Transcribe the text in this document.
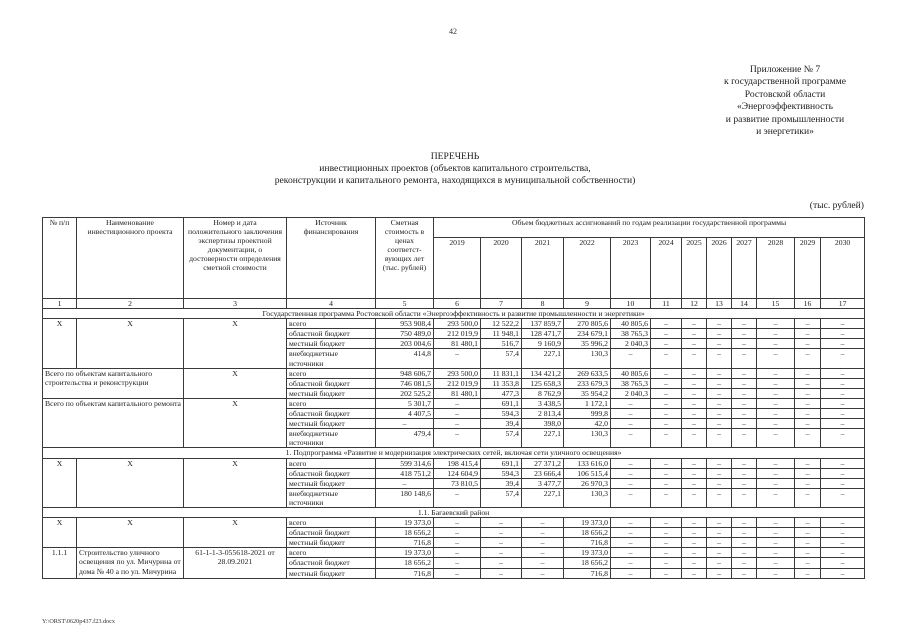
42
Приложение № 7
к государственной программе
Ростовской области
«Энергоэффективность
и развитие промышленности
и энергетики»
ПЕРЕЧЕНЬ
инвестиционных проектов (объектов капитального строительства,
реконструкции и капитального ремонта, находящихся в муниципальной собственности)
(тыс. рублей)
№ п/п	Наименование инвестиционного проекта	Номер и дата положительного заключения экспертизы проектной документации, о достоверности определения сметной стоимости	Источник финансирования	Сметная стоимость в ценах соответст-вующих лет (тыс. рублей)	Объем бюджетных ассигнований по годам реализации государственной программы											
					2019	2020	2021	2022	2023	2024	2025	2026	2027	2028	2029	2030
1	2	3	4	5	6	7	8	9	10	11	12	13	14	15	16	17
Государственная программа Ростовской области «Энергоэффективность и развитие промышленности и энергетики»																
Х	Х	Х	всего	953 908,4	293 500,0	12 522,2	137 859,7	270 805,6	40 805,6	–	–	–	–	–	–	–
			областной бюджет	750 489,0	212 019,9	11 948,1	128 471,7	234 679,1	38 765,3	–	–	–	–	–	–	–
			местный бюджет	203 004,6	81 480,1	516,7	9 160,9	35 996,2	2 040,3	–	–	–	–	–	–	–
			внебюджетные источники	414,8	–	57,4	227,1	130,3	–	–	–	–	–	–	–	–
Всего по объектам капитального строительства и реконструкции		Х	всего	948 606,7	293 500,0	11 831,1	134 421,2	269 633,5	40 805,6	–	–	–	–	–	–	–
			областной бюджет	746 081,5	212 019,9	11 353,8	125 658,3	233 679,3	38 765,3	–	–	–	–	–	–	–
			местный бюджет	202 525,2	81 480,1	477,3	8 762,9	35 954,2	2 040,3	–	–	–	–	–	–	–
Всего по объектам капитального ремонта		Х	всего	5 301,7	–	691,1	3 438,5	1 172,1	–	–	–	–	–	–	–	–
			областной бюджет	4 407,5	–	594,3	2 813,4	999,8	–	–	–	–	–	–	–	–
			местный бюджет	–	–	39,4	398,0	42,0	–	–	–	–	–	–	–	–
			внебюджетные источники	479,4	–	57,4	227,1	130,3	–	–	–	–	–	–	–	–
1. Подпрограмма «Развитие и модернизация электрических сетей, включая сети уличного освещения»																
Х	Х	Х	всего	599 314,6	198 415,4	691,1	27 371,2	133 616,0	–	–	–	–	–	–	–	–
			областной бюджет	418 751,2	124 604,9	594,3	23 666,4	106 515,4	–	–	–	–	–	–	–	–
			местный бюджет	–	73 810,5	39,4	3 477,7	26 970,3	–	–	–	–	–	–	–	–
			внебюджетные источники	180 148,6	–	57,4	227,1	130,3	–	–	–	–	–	–	–	–
1.1. Багаевский район																
Х	Х	Х	всего	19 373,0	–	–	–	19 373,0	–	–	–	–	–	–	–	–
			областной бюджет	18 656,2	–	–	–	18 656,2	–	–	–	–	–	–	–	–
			местный бюджет	716,8	–	–	–	716,8	–	–	–	–	–	–	–	–
1.1.1	Строительство уличного освещения по ул. Мичурина от дома № 40 а по ул. Мичурина	61-1-1-3-055618-2021 от 28.09.2021	всего	19 373,0	–	–	–	19 373,0	–	–	–	–	–	–	–	–
			областной бюджет	18 656,2	–	–	–	18 656,2	–	–	–	–	–	–	–	–
			местный бюджет	716,8	–	–	–	716,8	–	–	–	–	–	–	–	–
Y:\ORST\0620p437.f23.docx
